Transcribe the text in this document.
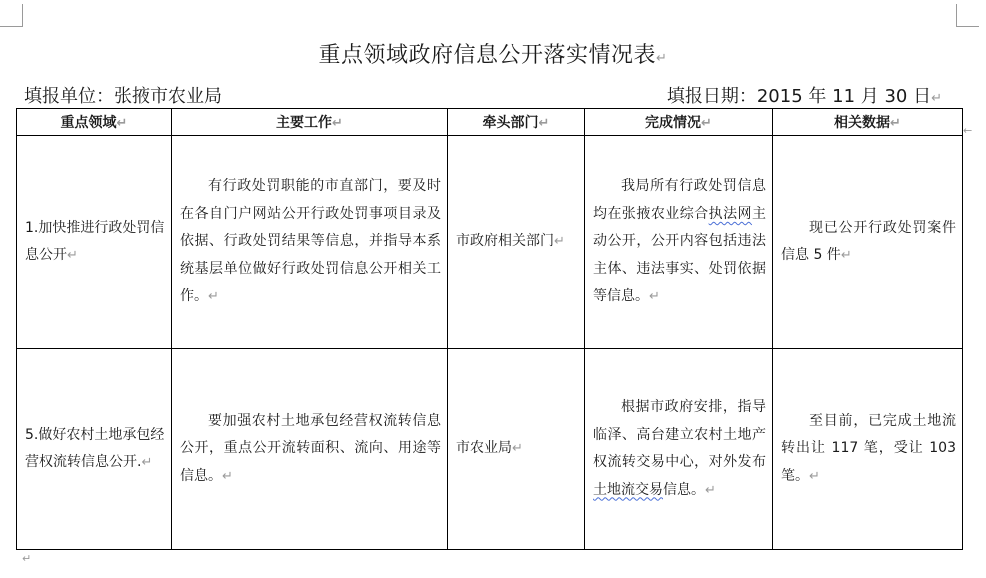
重点领域政府信息公开落实情况表↵
填报单位：张掖市农业局	填报日期：2015 年 11 月 30 日↵
重点领域↵	主要工作↵	牵头部门↵	完成情况↵	相关数据↵
1.加快推进行政处罚信息公开↵	有行政处罚职能的市直部门，要及时在各自门户网站公开行政处罚事项目录及依据、行政处罚结果等信息，并指导本系统基层单位做好行政处罚信息公开相关工作。↵	市政府相关部门↵	我局所有行政处罚信息均在张掖农业综合执法网主动公开，公开内容包括违法主体、违法事实、处罚依据等信息。↵	现已公开行政处罚案件信息 5 件↵

5.做好农村土地承包经营权流转信息公开.↵	要加强农村土地承包经营权流转信息公开，重点公开流转面积、流向、用途等信息。↵	市农业局↵	根据市政府安排，指导临泽、高台建立农村土地产权流转交易中心，对外发布土地流交易信息。↵	至目前，已完成土地流转出让 117 笔，受让 103 笔。↵
←
↵
